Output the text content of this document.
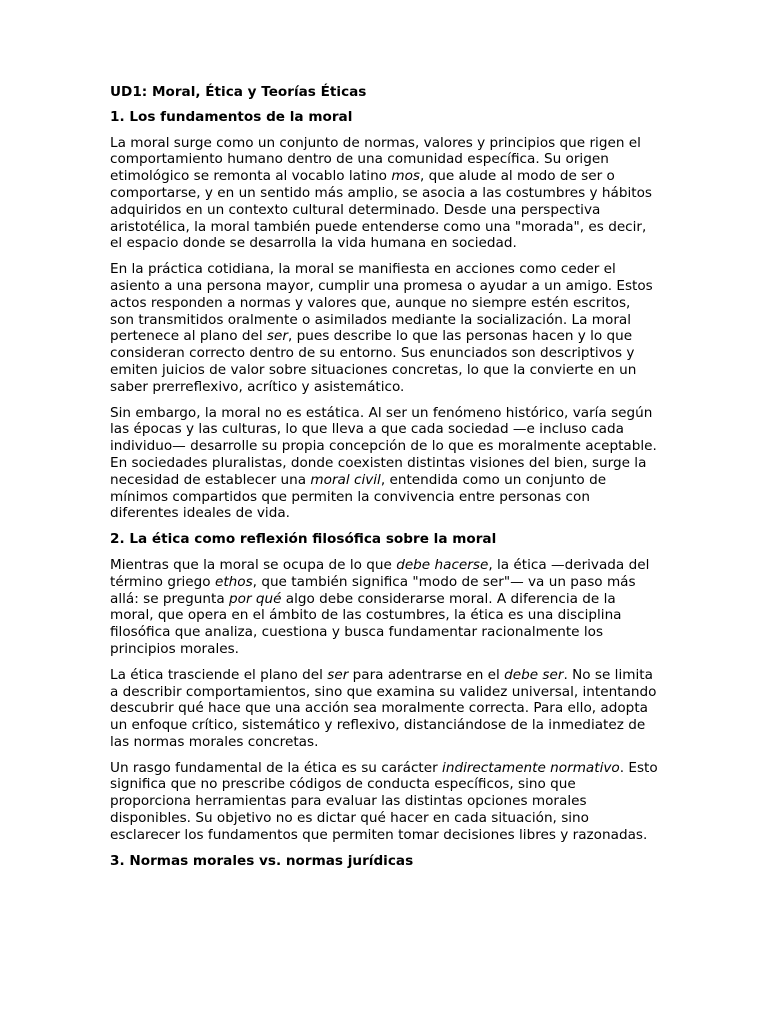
UD1: Moral, Ética y Teorías Éticas
1. Los fundamentos de la moral
La moral surge como un conjunto de normas, valores y principios que rigen el comportamiento humano dentro de una comunidad específica. Su origen etimológico se remonta al vocablo latino mos, que alude al modo de ser o comportarse, y en un sentido más amplio, se asocia a las costumbres y hábitos adquiridos en un contexto cultural determinado. Desde una perspectiva aristotélica, la moral también puede entenderse como una "morada", es decir, el espacio donde se desarrolla la vida humana en sociedad.
En la práctica cotidiana, la moral se manifiesta en acciones como ceder el asiento a una persona mayor, cumplir una promesa o ayudar a un amigo. Estos actos responden a normas y valores que, aunque no siempre estén escritos, son transmitidos oralmente o asimilados mediante la socialización. La moral pertenece al plano del ser, pues describe lo que las personas hacen y lo que consideran correcto dentro de su entorno. Sus enunciados son descriptivos y emiten juicios de valor sobre situaciones concretas, lo que la convierte en un saber prerreflexivo, acrítico y asistemático.
Sin embargo, la moral no es estática. Al ser un fenómeno histórico, varía según las épocas y las culturas, lo que lleva a que cada sociedad —e incluso cada individuo— desarrolle su propia concepción de lo que es moralmente aceptable. En sociedades pluralistas, donde coexisten distintas visiones del bien, surge la necesidad de establecer una moral civil, entendida como un conjunto de mínimos compartidos que permiten la convivencia entre personas con diferentes ideales de vida.
2. La ética como reflexión filosófica sobre la moral
Mientras que la moral se ocupa de lo que debe hacerse, la ética —derivada del término griego ethos, que también significa "modo de ser"— va un paso más allá: se pregunta por qué algo debe considerarse moral. A diferencia de la moral, que opera en el ámbito de las costumbres, la ética es una disciplina filosófica que analiza, cuestiona y busca fundamentar racionalmente los principios morales.
La ética trasciende el plano del ser para adentrarse en el debe ser. No se limita a describir comportamientos, sino que examina su validez universal, intentando descubrir qué hace que una acción sea moralmente correcta. Para ello, adopta un enfoque crítico, sistemático y reflexivo, distanciándose de la inmediatez de las normas morales concretas.
Un rasgo fundamental de la ética es su carácter indirectamente normativo. Esto significa que no prescribe códigos de conducta específicos, sino que proporciona herramientas para evaluar las distintas opciones morales disponibles. Su objetivo no es dictar qué hacer en cada situación, sino esclarecer los fundamentos que permiten tomar decisiones libres y razonadas.
3. Normas morales vs. normas jurídicas
